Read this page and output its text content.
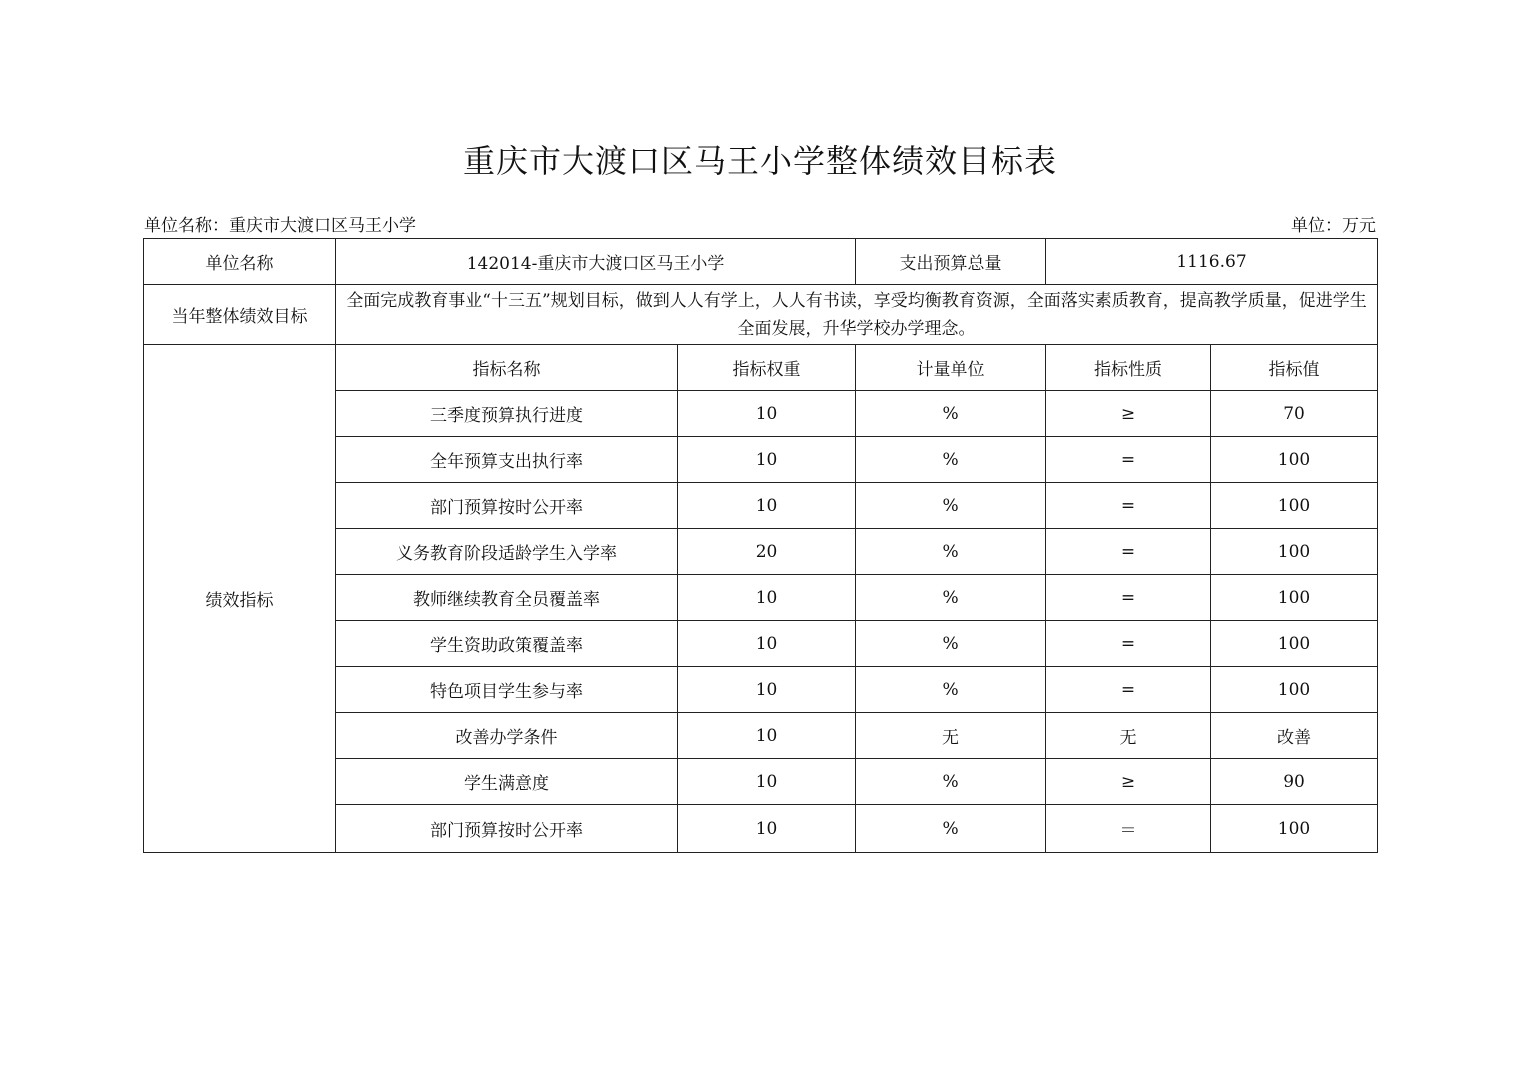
重庆市大渡口区马王小学整体绩效目标表
单位名称：重庆市大渡口区马王小学	单位：万元
单位名称	142014-重庆市大渡口区马王小学		支出预算总量	1116.67	
当年整体绩效目标	全面完成教育事业“十三五”规划目标，做到人人有学上，人人有书读，享受均衡教育资源，全面落实素质教育，提高教学质量，促进学生全面发展，升华学校办学理念。				
绩效指标	指标名称	指标权重	计量单位	指标性质	指标值
	三季度预算执行进度	10	%	≥	70
	全年预算支出执行率	10	%	=	100
	部门预算按时公开率	10	%	=	100
	义务教育阶段适龄学生入学率	20	%	=	100
	教师继续教育全员覆盖率	10	%	=	100
	学生资助政策覆盖率	10	%	=	100
	特色项目学生参与率	10	%	=	100
	改善办学条件	10	无	无	改善
	学生满意度	10	%	≥	90
	部门预算按时公开率	10	%	＝	100
